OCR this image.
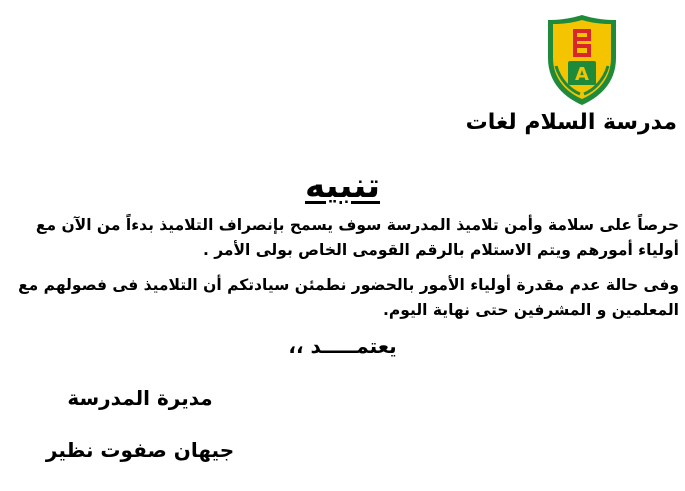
A
مدرسة السلام لغات
تنبيه
حرصاً على سلامة وأمن تلاميذ المدرسة سوف يسمح بإنصراف التلاميذ بدءاً من الآن مع أولياء أمورهم ويتم الاستلام بالرقم القومى الخاص بولى الأمر .
وفى حالة عدم مقدرة أولياء الأمور بالحضور نطمئن سيادتكم أن التلاميذ فى فصولهم مع المعلمين و المشرفين حتى نهاية اليوم.
يعتمـــــد ،،
مديرة المدرسة
جيهان صفوت نظير
